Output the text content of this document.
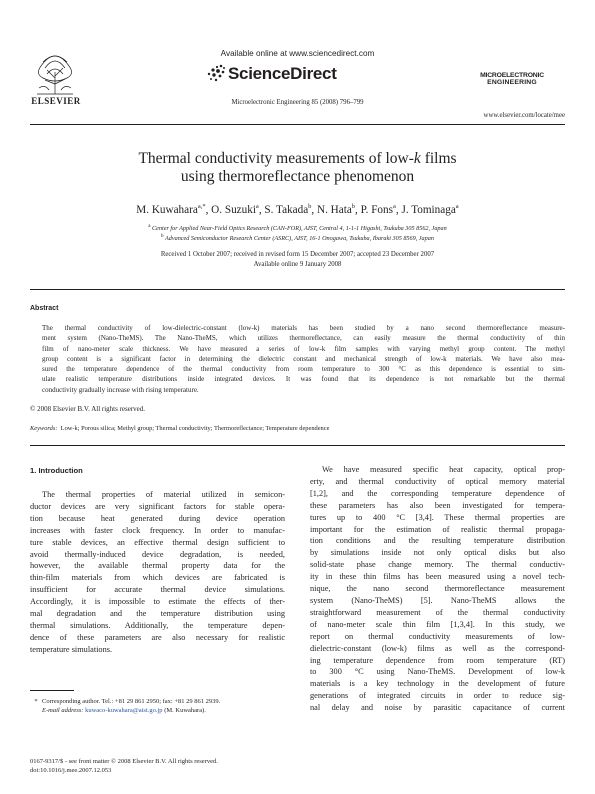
ELSEVIER
Available online at www.sciencedirect.com
ScienceDirect
Microelectronic Engineering 85 (2008) 796–799
MICROELECTRONIC
ENGINEERING
www.elsevier.com/locate/mee
Thermal conductivity measurements of low-k films
using thermoreflectance phenomenon
M. Kuwahara$^{a,*}$, O. Suzuki$^a$, S. Takada$^b$, N. Hata$^b$, P. Fons$^a$, J. Tominaga$^a$
$^a$ Center for Applied Near-Field Optics Research (CAN-FOR), AIST, Central 4, 1-1-1 Higashi, Tsukuba 305 8562, Japan
$^b$ Advanced Semiconductor Research Center (ASRC), AIST, 16-1 Onogawa, Tsukuba, Ibaraki 305 8569, Japan
Received 1 October 2007; received in revised form 15 December 2007; accepted 23 December 2007
Available online 9 January 2008
Abstract
The thermal conductivity of low-dielectric-constant (low-k) materials has been studied by a nano second thermoreflectance measure-
ment system (Nano-TheMS). The Nano-TheMS, which utilizes thermoreflectance, can easily measure the thermal conductivity of thin
film of nano-meter scale thickness. We have measured a series of low-k film samples with varying methyl group content. The methyl
group content is a significant factor in determining the dielectric constant and mechanical strength of low-k materials. We have also mea-
sured the temperature dependence of the thermal conductivity from room temperature to 300 °C as this dependence is essential to sim-
ulate realistic temperature distributions inside integrated devices. It was found that its dependence is not remarkable but the thermal
conductivity gradually increase with rising temperature.
© 2008 Elsevier B.V. All rights reserved.
Keywords: Low-k; Porous silica; Methyl group; Thermal conductivity; Thermoreflectance; Temperature dependence
1. Introduction
The thermal properties of material utilized in semicon-
ductor devices are very significant factors for stable opera-
tion because heat generated during device operation
increases with faster clock frequency. In order to manufac-
ture stable devices, an effective thermal design sufficient to
avoid thermally-induced device degradation, is needed,
however, the available thermal property data for the
thin-film materials from which devices are fabricated is
insufficient for accurate thermal device simulations.
Accordingly, it is impossible to estimate the effects of ther-
mal degradation and the temperature distribution using
thermal simulations. Additionally, the temperature depen-
dence of these parameters are also necessary for realistic
temperature simulations.
We have measured specific heat capacity, optical prop-
erty, and thermal conductivity of optical memory material
[1,2], and the corresponding temperature dependence of
these parameters has also been investigated for tempera-
tures up to 400 °C [3,4]. These thermal properties are
important for the estimation of realistic thermal propaga-
tion conditions and the resulting temperature distribution
by simulations inside not only optical disks but also
solid-state phase change memory. The thermal conductiv-
ity in these thin films has been measured using a novel tech-
nique, the nano second thermoreflectance measurement
system (Nano-TheMS) [5]. Nano-TheMS allows the
straightforward measurement of the thermal conductivity
of nano-meter scale thin film [1,3,4]. In this study, we
report on thermal conductivity measurements of low-
dielectric-constant (low-k) films as well as the correspond-
ing temperature dependence from room temperature (RT)
to 300 °C using Nano-TheMS. Development of low-k
materials is a key technology in the development of future
generations of integrated circuits in order to reduce sig-
nal delay and noise by parasitic capacitance of current
* Corresponding author. Tel.: +81 29 861 2950; fax: +81 29 861 2939.
E-mail address: kuwaco-kuwahara@aist.go.jp (M. Kuwahara).
0167-9317/$ - see front matter © 2008 Elsevier B.V. All rights reserved.
doi:10.1016/j.mee.2007.12.053
